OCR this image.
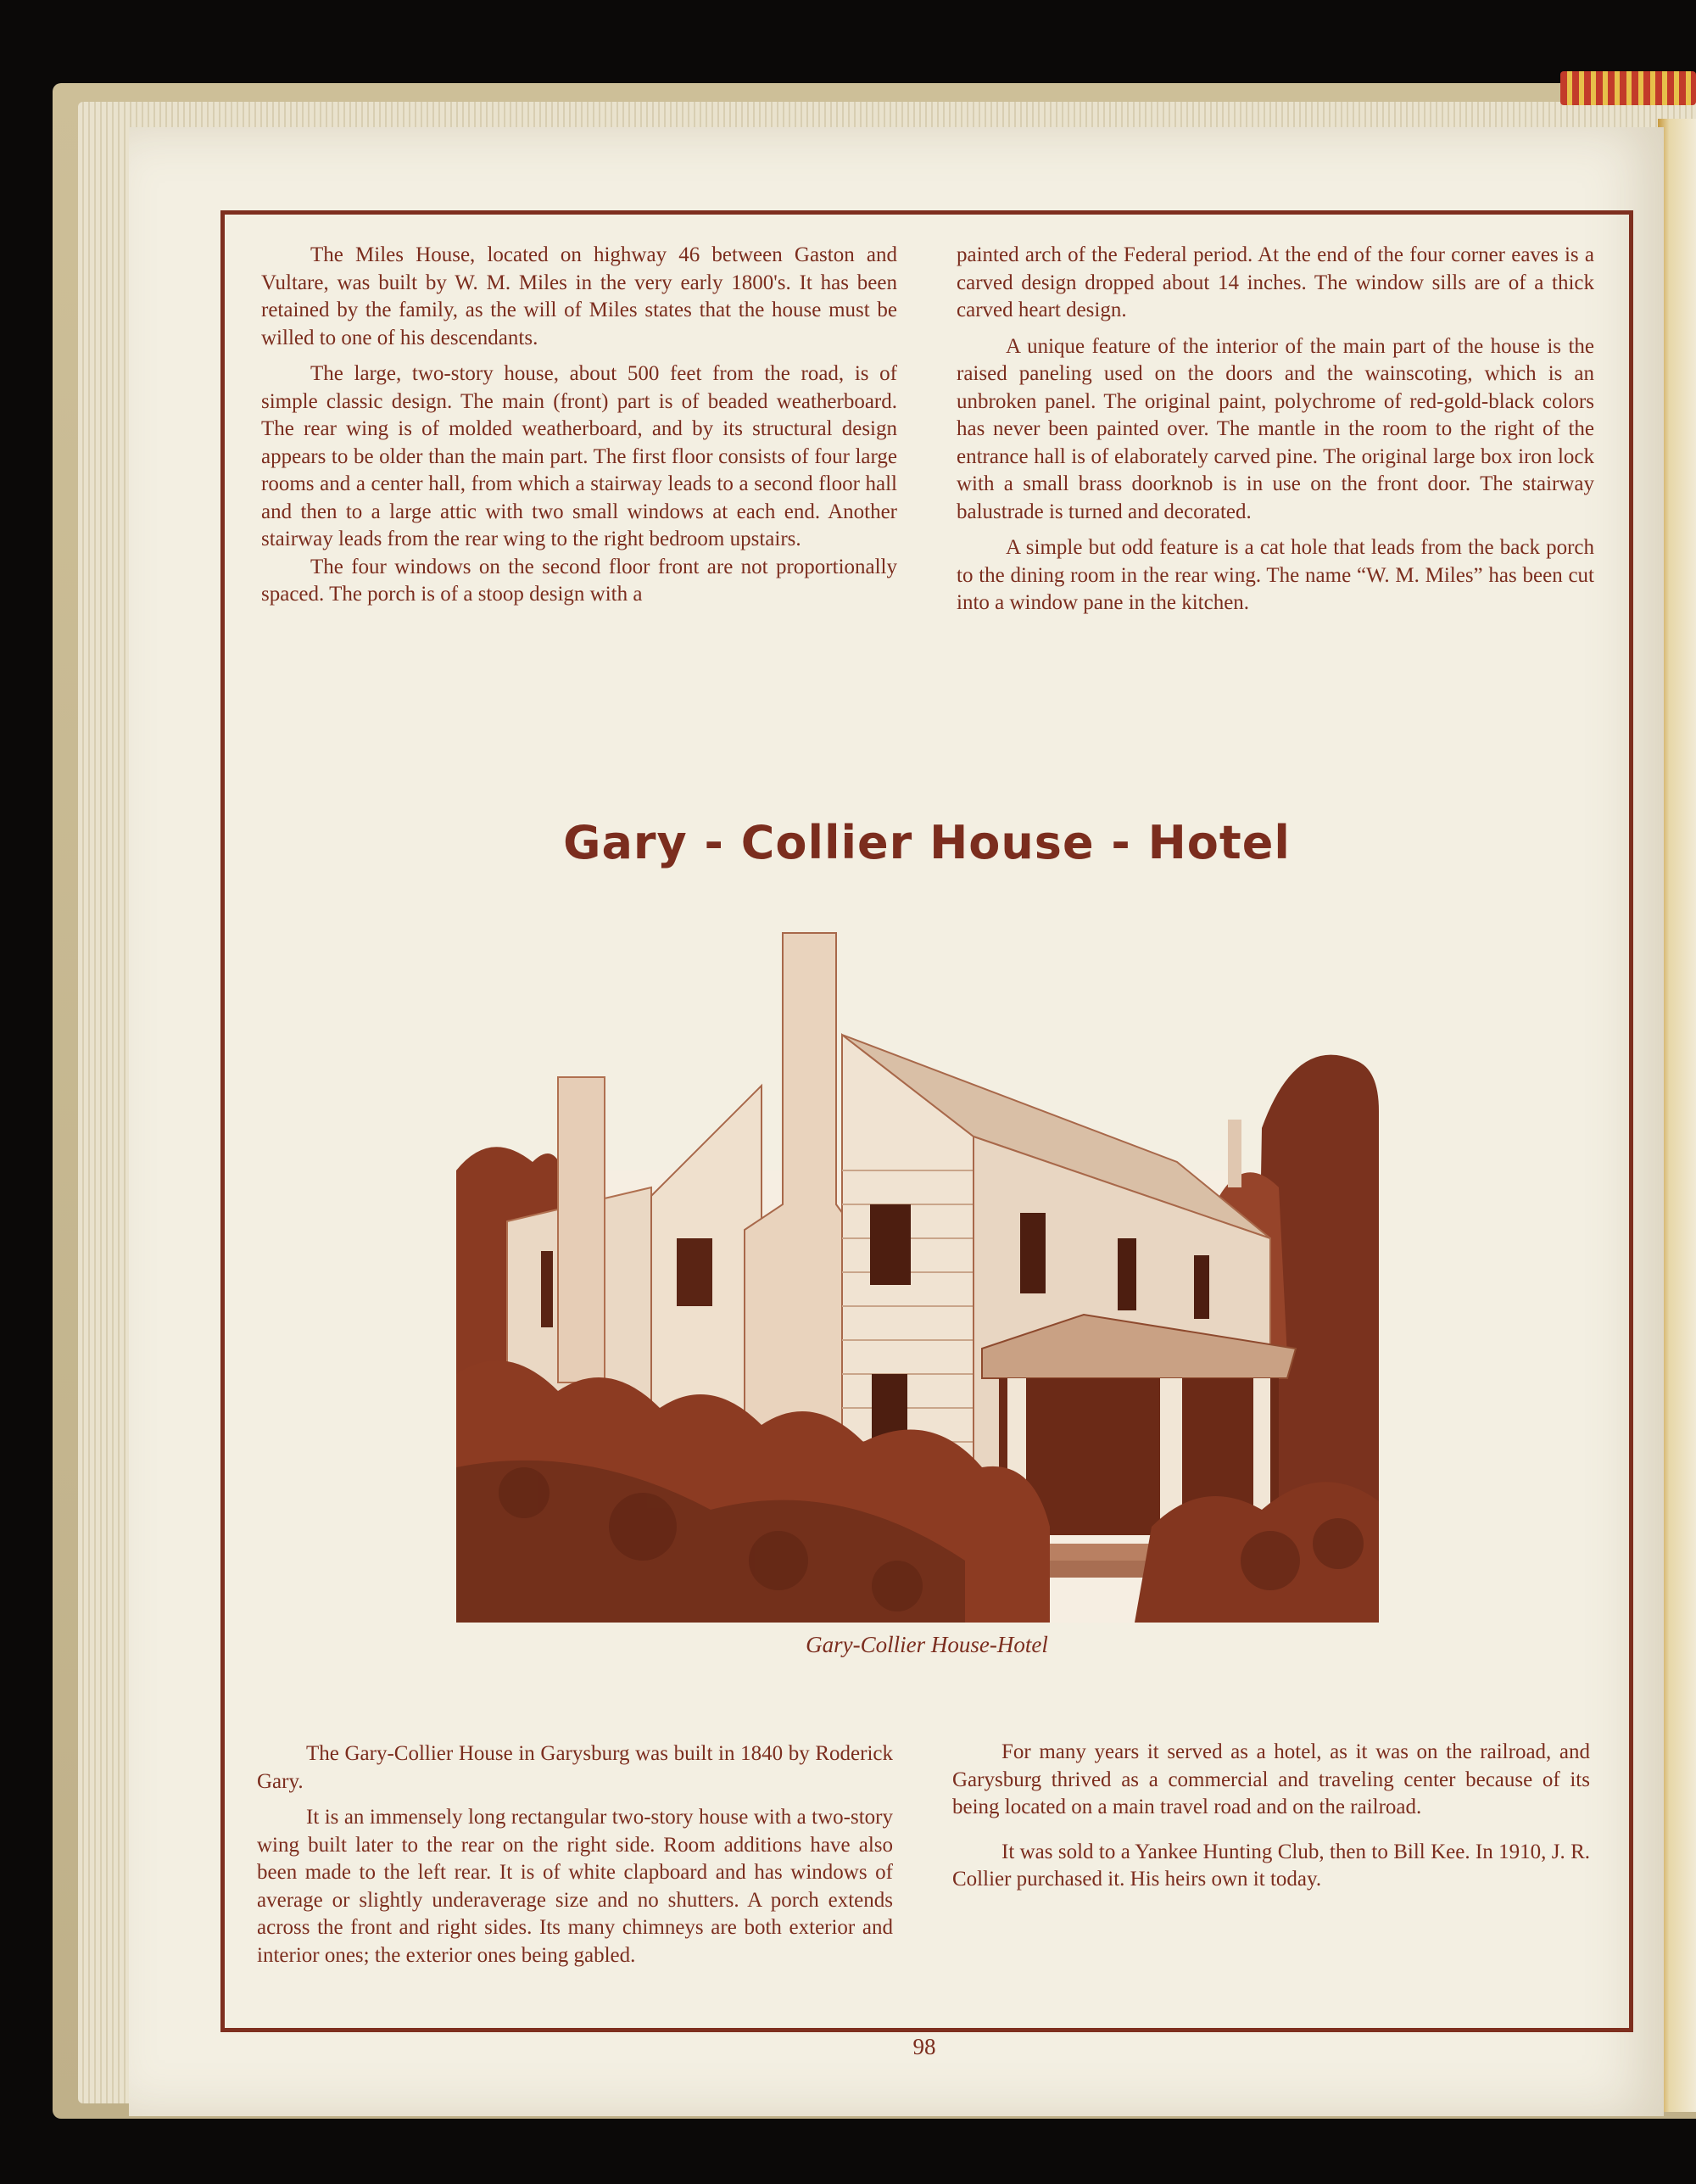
The Miles House, located on highway 46 between Gaston and Vultare, was built by W. M. Miles in the very early 1800's. It has been retained by the family, as the will of Miles states that the house must be willed to one of his descendants.

The large, two-story house, about 500 feet from the road, is of simple classic design. The main (front) part is of beaded weatherboard. The rear wing is of molded weatherboard, and by its structural design appears to be older than the main part. The first floor consists of four large rooms and a center hall, from which a stairway leads to a second floor hall and then to a large attic with two small windows at each end. Another stairway leads from the rear wing to the right bedroom upstairs.

The four windows on the second floor front are not proportionally spaced. The porch is of a stoop design with a

painted arch of the Federal period. At the end of the four corner eaves is a carved design dropped about 14 inches. The window sills are of a thick carved heart design.

A unique feature of the interior of the main part of the house is the raised paneling used on the doors and the wainscoting, which is an unbroken panel. The original paint, polychrome of red-gold-black colors has never been painted over. The mantle in the room to the right of the entrance hall is of elaborately carved pine. The original large box iron lock with a small brass doorknob is in use on the front door. The stairway balustrade is turned and decorated.

A simple but odd feature is a cat hole that leads from the back porch to the dining room in the rear wing. The name “W. M. Miles” has been cut into a window pane in the kitchen.

Gary - Collier House - Hotel
Gary-Collier House-Hotel

The Gary-Collier House in Garysburg was built in 1840 by Roderick Gary.

It is an immensely long rectangular two-story house with a two-story wing built later to the rear on the right side. Room additions have also been made to the left rear. It is of white clapboard and has windows of average or slightly underaverage size and no shutters. A porch extends across the front and right sides. Its many chimneys are both exterior and interior ones; the exterior ones being gabled.

For many years it served as a hotel, as it was on the railroad, and Garysburg thrived as a commercial and traveling center because of its being located on a main travel road and on the railroad.

It was sold to a Yankee Hunting Club, then to Bill Kee. In 1910, J. R. Collier purchased it. His heirs own it today.

98
